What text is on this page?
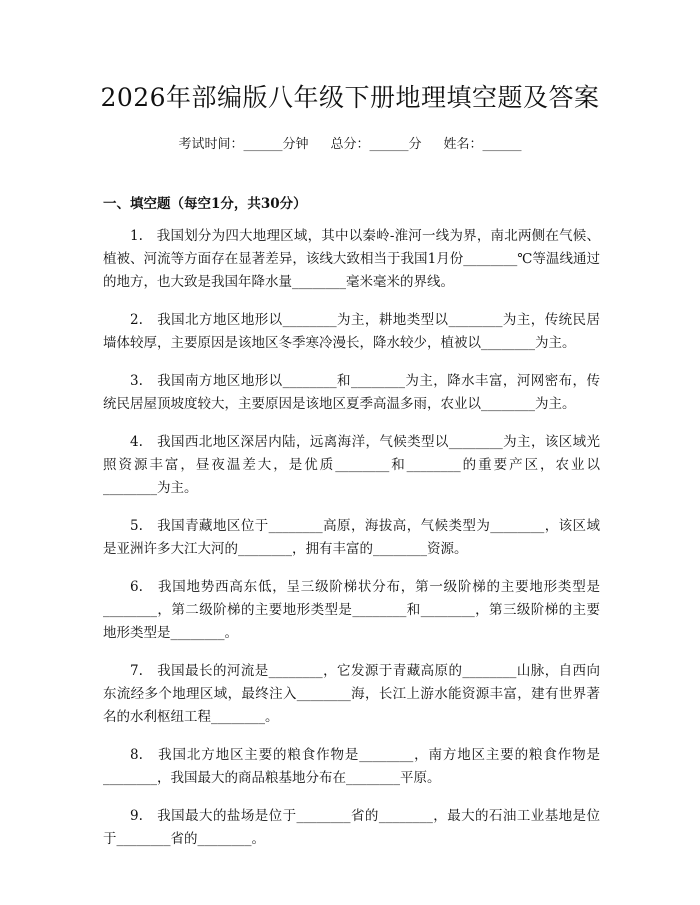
2026年部编版八年级下册地理填空题及答案
考试时间：______分钟 总分：______分 姓名：______
一、填空题（每空1分，共30分）

1.　我国划分为四大地理区域，其中以秦岭-淮河一线为界，南北两侧在气候、植被、河流等方面存在显著差异，该线大致相当于我国1月份________℃等温线通过的地方，也大致是我国年降水量________毫米毫米的界线。

2.　我国北方地区地形以________为主，耕地类型以________为主，传统民居墙体较厚，主要原因是该地区冬季寒冷漫长，降水较少，植被以________为主。

3.　我国南方地区地形以________和________为主，降水丰富，河网密布，传统民居屋顶坡度较大，主要原因是该地区夏季高温多雨，农业以________为主。

4.　我国西北地区深居内陆，远离海洋，气候类型以________为主，该区域光照资源丰富，昼夜温差大，是优质________和________的重要产区，农业以________为主。

5.　我国青藏地区位于________高原，海拔高，气候类型为________，该区域是亚洲许多大江大河的________，拥有丰富的________资源。

6.　我国地势西高东低，呈三级阶梯状分布，第一级阶梯的主要地形类型是________，第二级阶梯的主要地形类型是________和________，第三级阶梯的主要地形类型是________。

7.　我国最长的河流是________，它发源于青藏高原的________山脉，自西向东流经多个地理区域，最终注入________海，长江上游水能资源丰富，建有世界著名的水利枢纽工程________。

8.　我国北方地区主要的粮食作物是________，南方地区主要的粮食作物是________，我国最大的商品粮基地分布在________平原。

9.　我国最大的盐场是位于________省的________，最大的石油工业基地是位于________省的________。
